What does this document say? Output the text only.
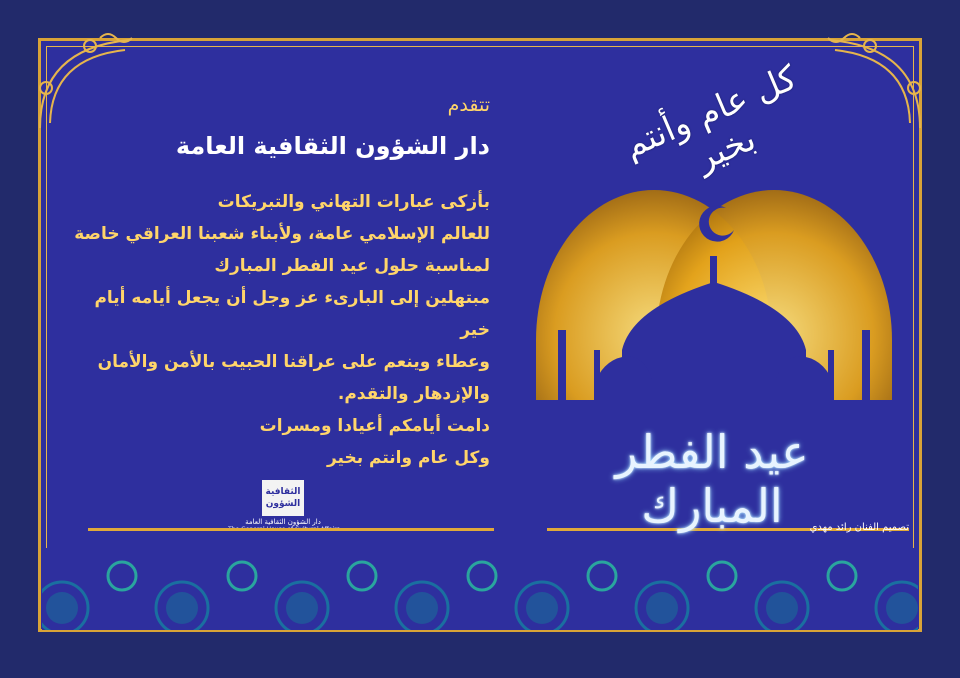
تتقدم
دار الشؤون الثقافية العامة
بأزكى عبارات التهاني والتبريكات
للعالم الإسلامي عامة، ولأبناء شعبنا العراقي خاصة
لمناسبة حلول عيد الفطر المبارك
مبتهلين إلى البارىء عز وجل أن يجعل أيامه أيام خير
وعطاء وينعم على عراقنا الحبيب بالأمن والأمان
والإزدهار والتقدم.
دامت أيامكم أعيادا ومسرات
وكل عام وانتم بخير
الثقافية الشؤون
دار الشؤون الثقافية العامة
كل عام وأنتم بخير
عيد الفطر المبارك	تصميم الفنان رائد مهدي
